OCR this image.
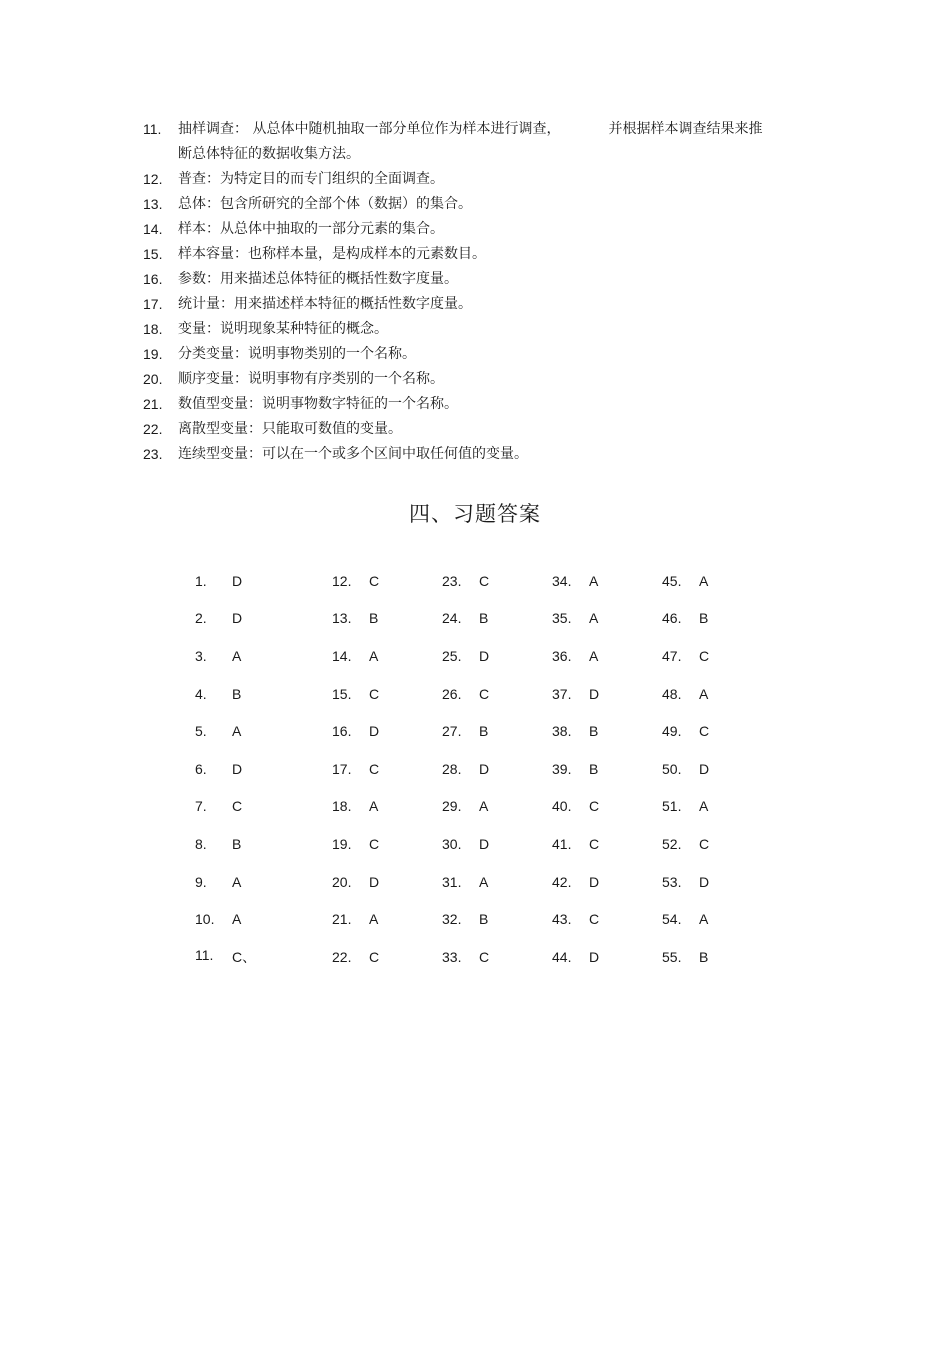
11.	抽样调查： 从总体中随机抽取一部分单位作为样本进行调查，	并根据样本调查结果来推
断总体特征的数据收集方法。
12.	普查：为特定目的而专门组织的全面调查。
13.	总体：包含所研究的全部个体（数据）的集合。
14.	样本：从总体中抽取的一部分元素的集合。
15.	样本容量：也称样本量，是构成样本的元素数目。
16.	参数：用来描述总体特征的概括性数字度量。
17.	统计量：用来描述样本特征的概括性数字度量。
18.	变量：说明现象某种特征的概念。
19.	分类变量：说明事物类别的一个名称。
20.	顺序变量：说明事物有序类别的一个名称。
21.	数值型变量：说明事物数字特征的一个名称。
22.	离散型变量：只能取可数值的变量。
23.	连续型变量：可以在一个或多个区间中取任何值的变量。
四、习题答案
1.	D	12.	C	23.	C	34.	A	45.	A
2.	D	13.	B	24.	B	35.	A	46.	B
3.	A	14.	A	25.	D	36.	A	47.	C
4.	B	15.	C	26.	C	37.	D	48.	A
5.	A	16.	D	27.	B	38.	B	49.	C
6.	D	17.	C	28.	D	39.	B	50.	D
7.	C	18.	A	29.	A	40.	C	51.	A
8.	B	19.	C	30.	D	41.	C	52.	C
9.	A	20.	D	31.	A	42.	D	53.	D
10.	A	21.	A	32.	B	43.	C	54.	A
11.	C、	22.	C	33.	C	44.	D	55.	B
